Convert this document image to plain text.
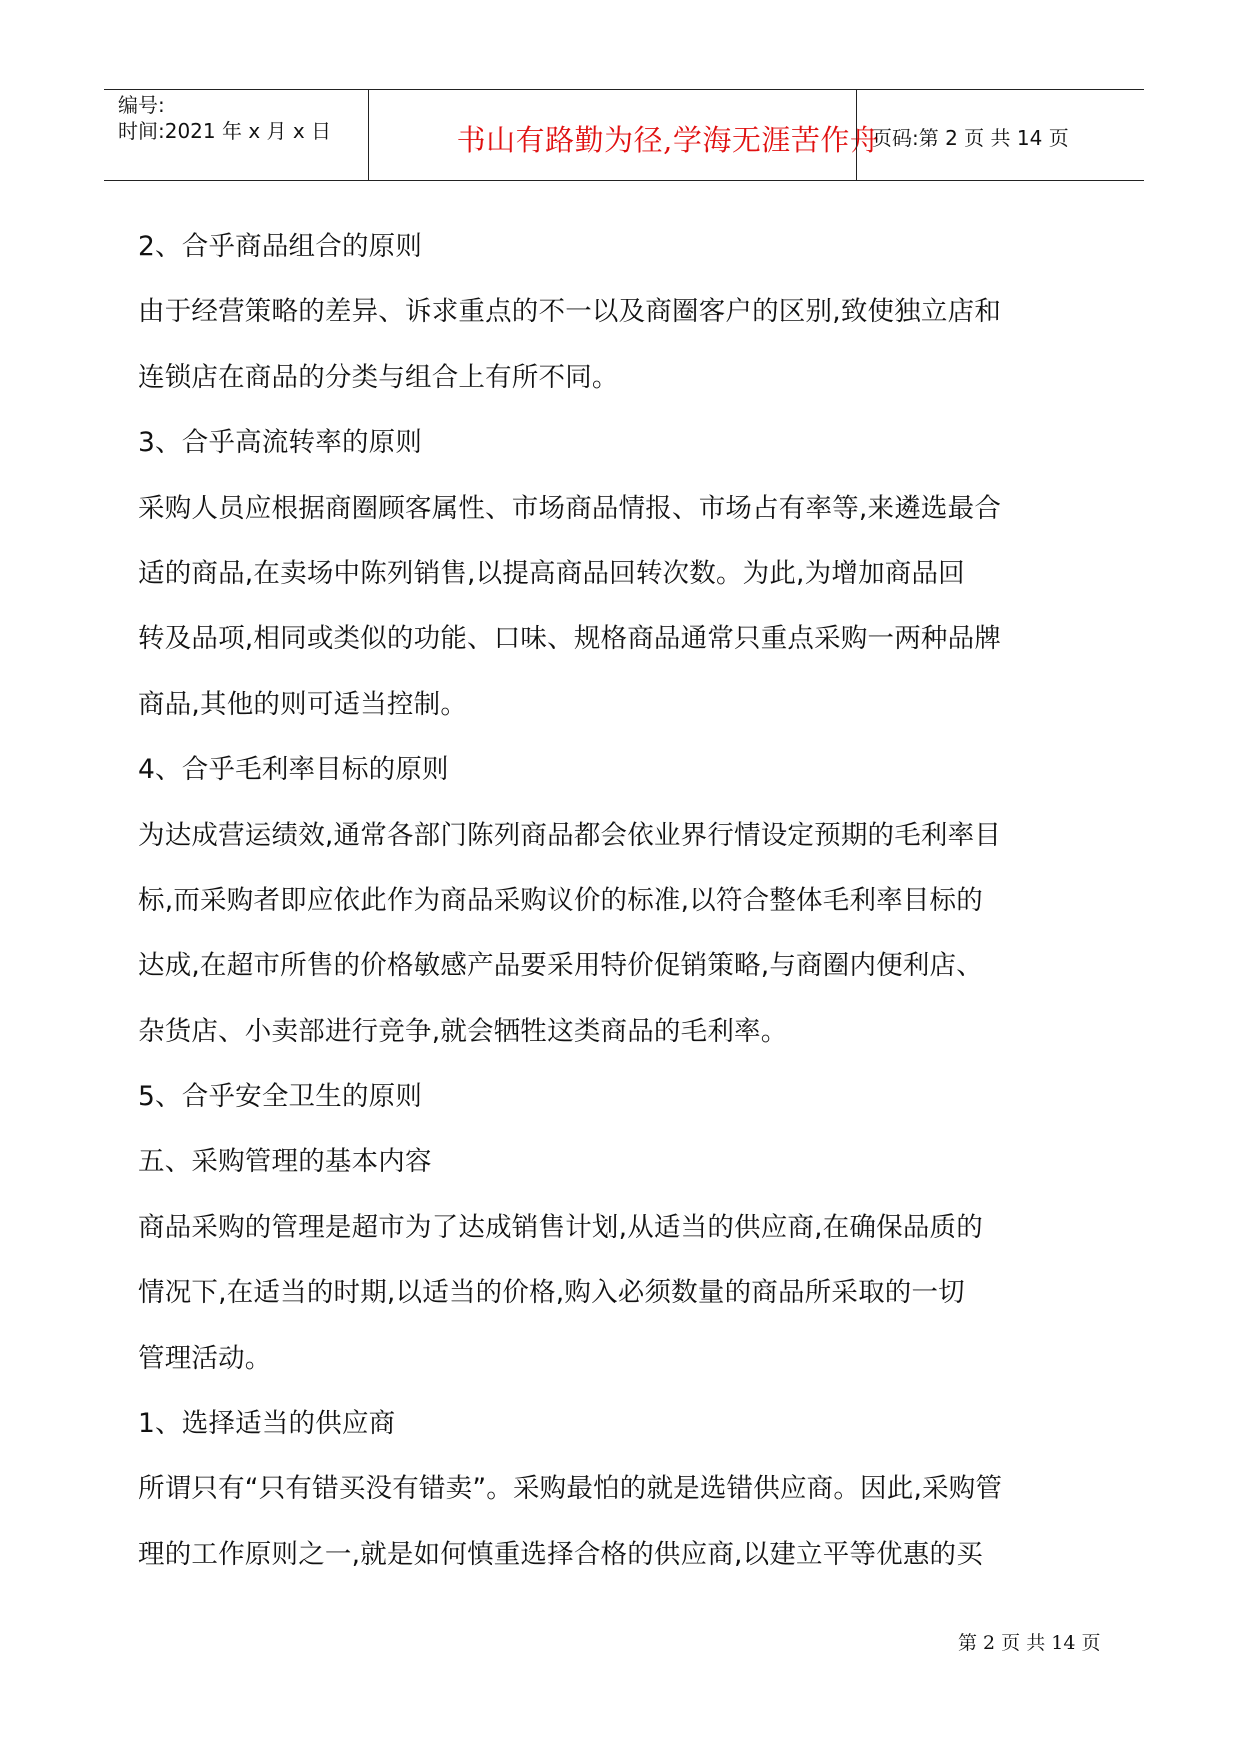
编号:
时间:2021 年 x 月 x 日	书山有路勤为径,学海无涯苦作舟
页码:第 2 页 共 14 页
2、合乎商品组合的原则
由于经营策略的差异、诉求重点的不一以及商圈客户的区别,致使独立店和
连锁店在商品的分类与组合上有所不同。
3、合乎高流转率的原则
采购人员应根据商圈顾客属性、市场商品情报、市场占有率等,来遴选最合
适的商品,在卖场中陈列销售,以提高商品回转次数。为此,为增加商品回
转及品项,相同或类似的功能、口味、规格商品通常只重点采购一两种品牌
商品,其他的则可适当控制。
4、合乎毛利率目标的原则
为达成营运绩效,通常各部门陈列商品都会依业界行情设定预期的毛利率目
标,而采购者即应依此作为商品采购议价的标准,以符合整体毛利率目标的
达成,在超市所售的价格敏感产品要采用特价促销策略,与商圈内便利店、
杂货店、小卖部进行竞争,就会牺牲这类商品的毛利率。
5、合乎安全卫生的原则
五、采购管理的基本内容
商品采购的管理是超市为了达成销售计划,从适当的供应商,在确保品质的
情况下,在适当的时期,以适当的价格,购入必须数量的商品所采取的一切
管理活动。
1、选择适当的供应商
所谓只有“只有错买没有错卖”。采购最怕的就是选错供应商。因此,采购管
理的工作原则之一,就是如何慎重选择合格的供应商,以建立平等优惠的买
第 2 页 共 14 页
